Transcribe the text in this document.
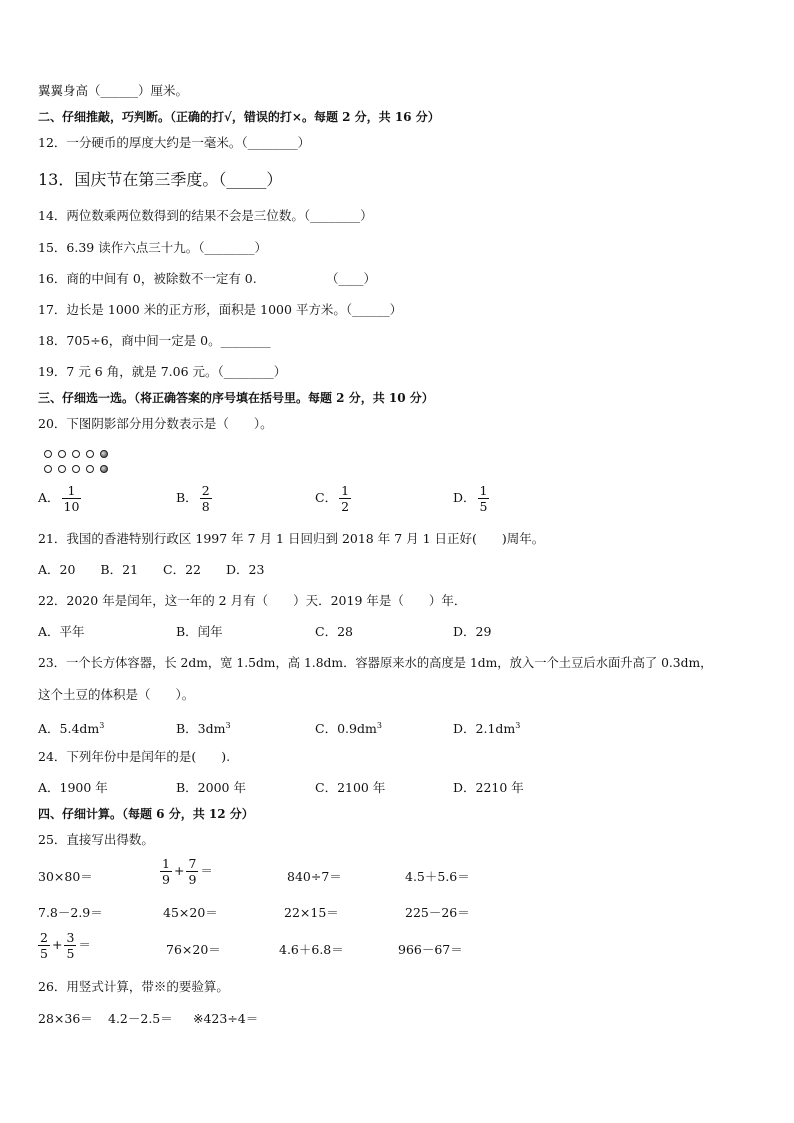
翼翼身高（______）厘米。
二、仔细推敲，巧判断。（正确的打√，错误的打×。每题 2 分，共 16 分）
12．一分硬币的厚度大约是一毫米。（________）
13．国庆节在第三季度。（_____）
14．两位数乘两位数得到的结果不会是三位数。（________）
15．6.39 读作六点三十九。（________）
16．商的中间有 0，被除数不一定有 0.	（____）
17．边长是 1000 米的正方形，面积是 1000 平方米。（______）
18．705÷6，商中间一定是 0。________
19．7 元 6 角，就是 7.06 元。（________）
三、仔细选一选。（将正确答案的序号填在括号里。每题 2 分，共 10 分）
20．下图阴影部分用分数表示是（　　）。
A． $\frac{1}{10}$	B． $\frac{2}{8}$	C． $\frac{1}{2}$	D． $\frac{1}{5}$
21．我国的香港特别行政区 1997 年 7 月 1 日回归到 2018 年 7 月 1 日正好(　　)周年。
A．20　　B．21　　C．22　　D．23
22．2020 年是闰年，这一年的 2 月有（　　）天．2019 年是（　　）年．
A．平年	B．闰年	C．28	D．29
23．一个长方体容器，长 2dm，宽 1.5dm，高 1.8dm．容器原来水的高度是 1dm，放入一个土豆后水面升高了 0.3dm，
这个土豆的体积是（　　）。
A．$5.4dm^3$	B．$3dm^3$	C．$0.9dm^3$	D．$2.1dm^3$
24．下列年份中是闰年的是(　　).
A．1900 年	B．2000 年	C．2100 年	D．2210 年
四、仔细计算。（每题 6 分，共 12 分）
25．直接写出得数。
30×80＝	$\frac{1}{9} + \frac{7}{9}$ ＝	840÷7＝	4.5＋5.6＝
7.8－2.9＝	45×20＝	22×15＝	225－26＝
$\frac{2}{5} + \frac{3}{5}$ ＝	76×20＝	4.6＋6.8＝	966－67＝
26．用竖式计算，带※的要验算。
28×36＝ 4.2－2.5＝ ※423÷4＝
